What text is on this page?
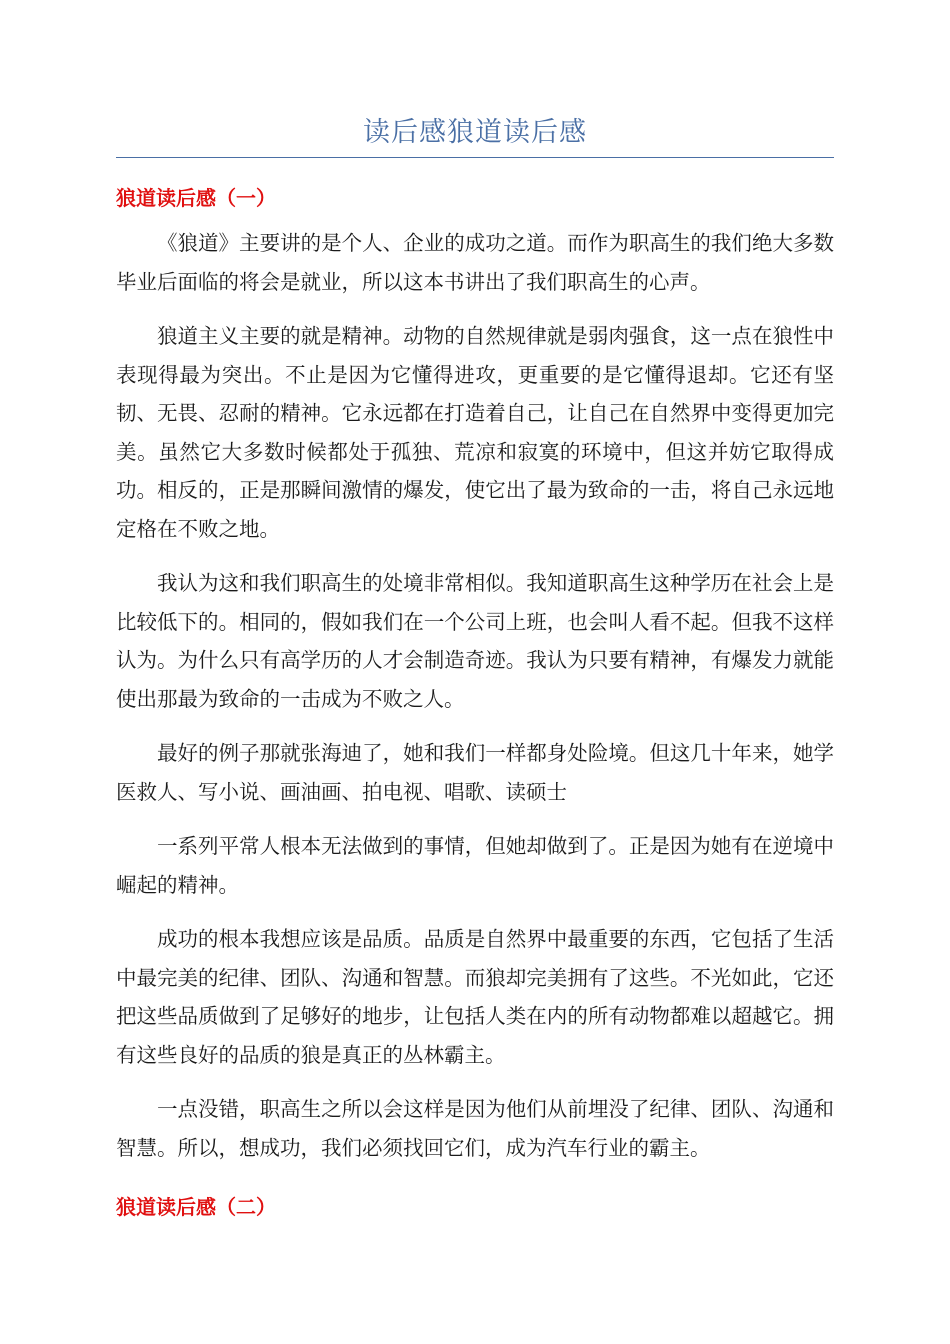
读后感狼道读后感
狼道读后感（一）

《狼道》主要讲的是个人、企业的成功之道。而作为职高生的我们绝大多数毕业后面临的将会是就业，所以这本书讲出了我们职高生的心声。

狼道主义主要的就是精神。动物的自然规律就是弱肉强食，这一点在狼性中表现得最为突出。不止是因为它懂得进攻，更重要的是它懂得退却。它还有坚韧、无畏、忍耐的精神。它永远都在打造着自己，让自己在自然界中变得更加完美。虽然它大多数时候都处于孤独、荒凉和寂寞的环境中，但这并妨它取得成功。相反的，正是那瞬间激情的爆发，使它出了最为致命的一击，将自己永远地定格在不败之地。

我认为这和我们职高生的处境非常相似。我知道职高生这种学历在社会上是比较低下的。相同的，假如我们在一个公司上班，也会叫人看不起。但我不这样认为。为什么只有高学历的人才会制造奇迹。我认为只要有精神，有爆发力就能使出那最为致命的一击成为不败之人。

最好的例子那就张海迪了，她和我们一样都身处险境。但这几十年来，她学医救人、写小说、画油画、拍电视、唱歌、读硕士

一系列平常人根本无法做到的事情，但她却做到了。正是因为她有在逆境中崛起的精神。

成功的根本我想应该是品质。品质是自然界中最重要的东西，它包括了生活中最完美的纪律、团队、沟通和智慧。而狼却完美拥有了这些。不光如此，它还把这些品质做到了足够好的地步，让包括人类在内的所有动物都难以超越它。拥有这些良好的品质的狼是真正的丛林霸主。

一点没错，职高生之所以会这样是因为他们从前埋没了纪律、团队、沟通和智慧。所以，想成功，我们必须找回它们，成为汽车行业的霸主。

狼道读后感（二）
